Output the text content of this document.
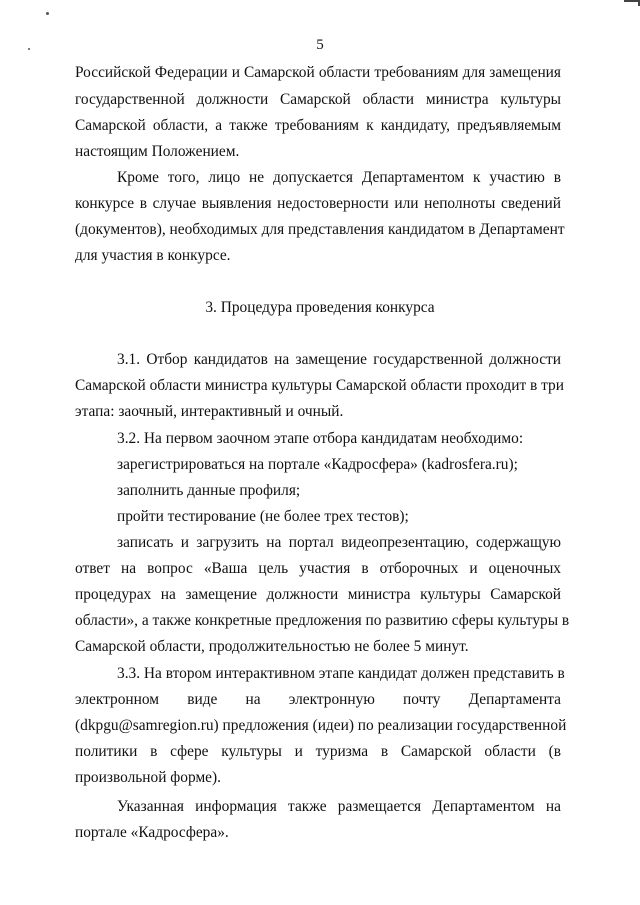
5
Российской Федерации и Самарской области требованиям для замещения
государственной должности Самарской области министра культуры
Самарской области, а также требованиям к кандидату, предъявляемым
настоящим Положением.
Кроме того, лицо не допускается Департаментом к участию в
конкурсе в случае выявления недостоверности или неполноты сведений
(документов), необходимых для представления кандидатом в Департамент
для участия в конкурсе.
3. Процедура проведения конкурса
3.1. Отбор кандидатов на замещение государственной должности
Самарской области министра культуры Самарской области проходит в три
этапа: заочный, интерактивный и очный.
3.2. На первом заочном этапе отбора кандидатам необходимо:
зарегистрироваться на портале «Кадросфера» (kadrosfera.ru);
заполнить данные профиля;
пройти тестирование (не более трех тестов);
записать и загрузить на портал видеопрезентацию, содержащую
ответ на вопрос «Ваша цель участия в отборочных и оценочных
процедурах на замещение должности министра культуры Самарской
области», а также конкретные предложения по развитию сферы культуры в
Самарской области, продолжительностью не более 5 минут.
3.3. На втором интерактивном этапе кандидат должен представить в
электронном виде на электронную почту Департамента
(dkpgu@samregion.ru) предложения (идеи) по реализации государственной
политики в сфере культуры и туризма в Самарской области (в
произвольной форме).
Указанная информация также размещается Департаментом на
портале «Кадросфера».
